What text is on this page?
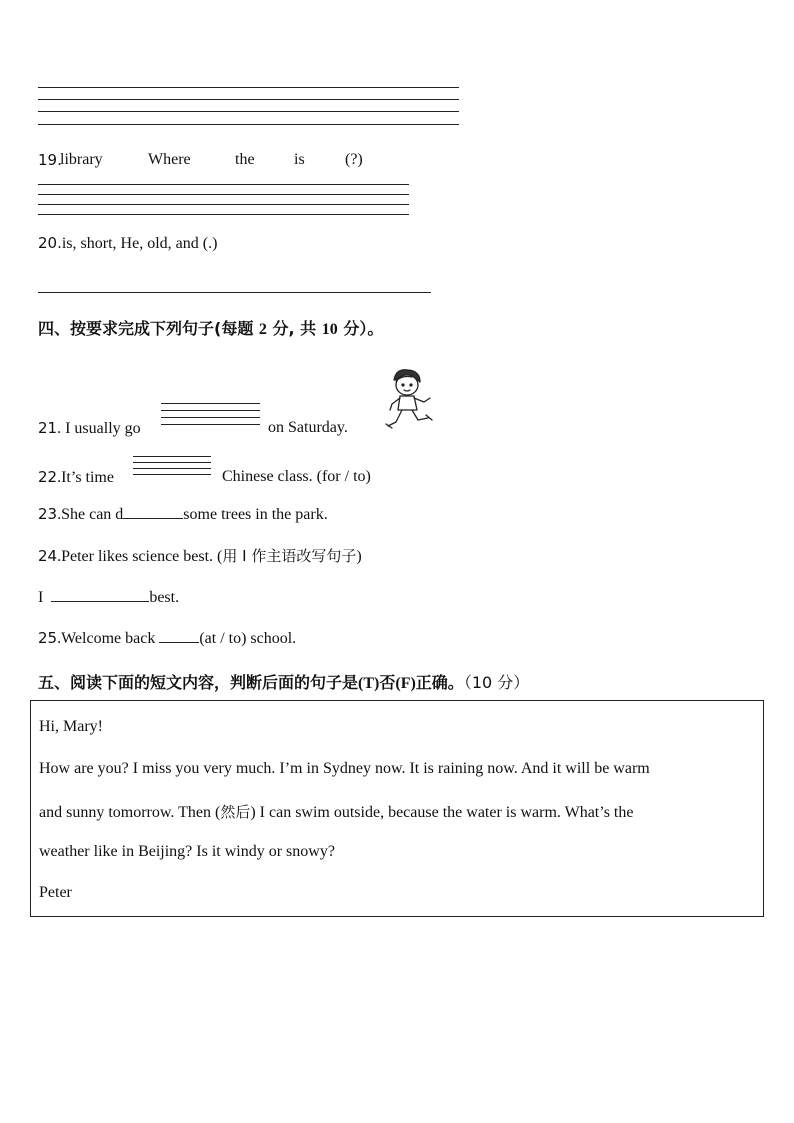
19.
library	Where	the is	(?)
20.is, short, He, old, and (.)
四、按要求完成下列句子(每题 2 分, 共 10 分）。
21. I usually go	on Saturday.
22.It’s time	Chinese class. (for / to)
23.She can d	some trees in the park.
24.Peter likes science best. (用 I 作主语改写句子)
I	best.
25.Welcome back	(at / to) school.
五、阅读下面的短文内容，判断后面的句子是(T)否(F)正确。（10 分）
Hi, Mary!
How are you? I miss you very much. I’m in Sydney now. It is raining now. And it will be warm
and sunny tomorrow. Then (然后) I can swim outside, because the water is warm. What’s the
weather like in Beijing? Is it windy or snowy?
Peter
